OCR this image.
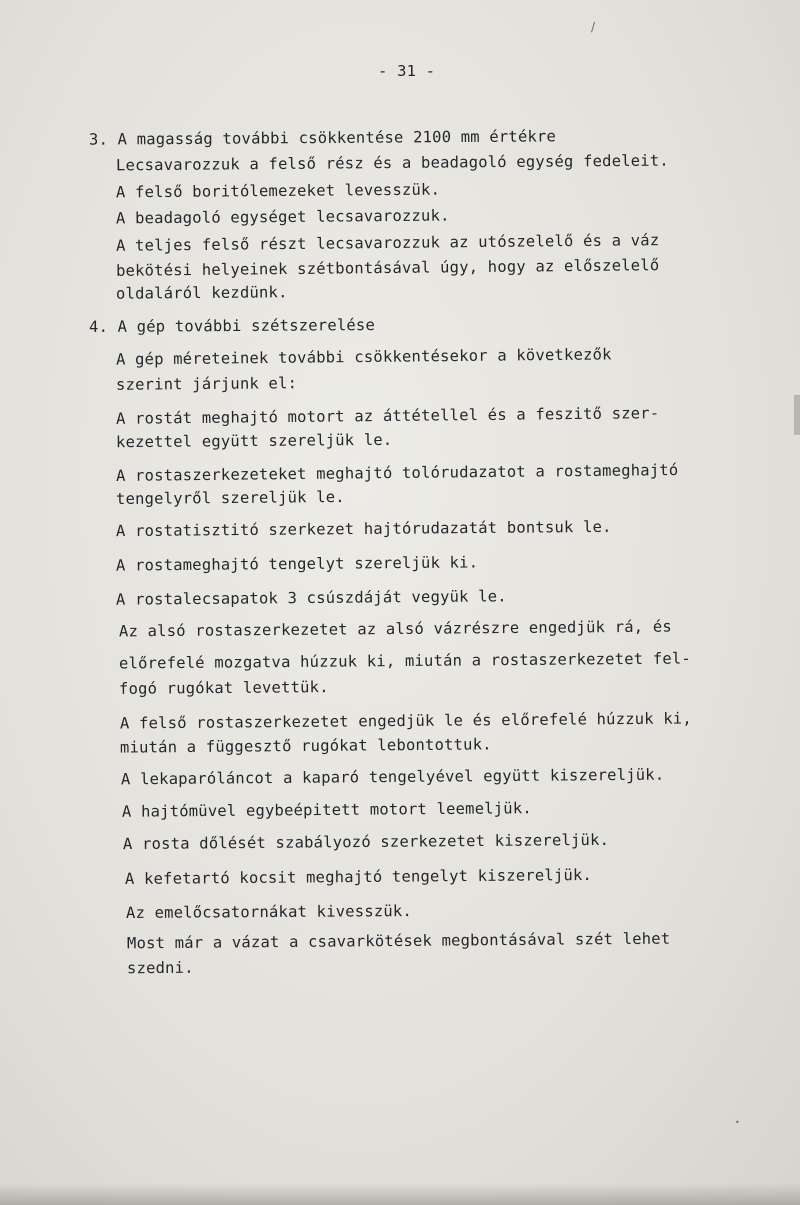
/
- 31 -
3. A magasság további csökkentése 2100 mm értékre
Lecsavarozzuk a felső rész és a beadagoló egység fedeleit.
A felső boritólemezeket levesszük.
A beadagoló egységet lecsavarozzuk.
A teljes felső részt lecsavarozzuk az utószelelő és a váz
bekötési helyeinek szétbontásával úgy, hogy az előszelelő
oldaláról kezdünk.
4. A gép további szétszerelése
A gép méreteinek további csökkentésekor a következők
szerint járjunk el:
A rostát meghajtó motort az áttétellel és a feszitő szer-
kezettel együtt szereljük le.
A rostaszerkezeteket meghajtó tolórudazatot a rostameghajtó
tengelyről szereljük le.
A rostatisztitó szerkezet hajtórudazatát bontsuk le.
A rostameghajtó tengelyt szereljük ki.
A rostalecsapatok 3 csúszdáját vegyük le.
Az alsó rostaszerkezetet az alsó vázrészre engedjük rá, és
előrefelé mozgatva húzzuk ki, miután a rostaszerkezetet fel-
fogó rugókat levettük.
A felső rostaszerkezetet engedjük le és előrefelé húzzuk ki,
miután a függesztő rugókat lebontottuk.
A lekaparóláncot a kaparó tengelyével együtt kiszereljük.
A hajtómüvel egybeépitett motort leemeljük.
A rosta dőlését szabályozó szerkezetet kiszereljük.
A kefetartó kocsit meghajtó tengelyt kiszereljük.
Az emelőcsatornákat kivesszük.
Most már a vázat a csavarkötések megbontásával szét lehet
szedni.
•
